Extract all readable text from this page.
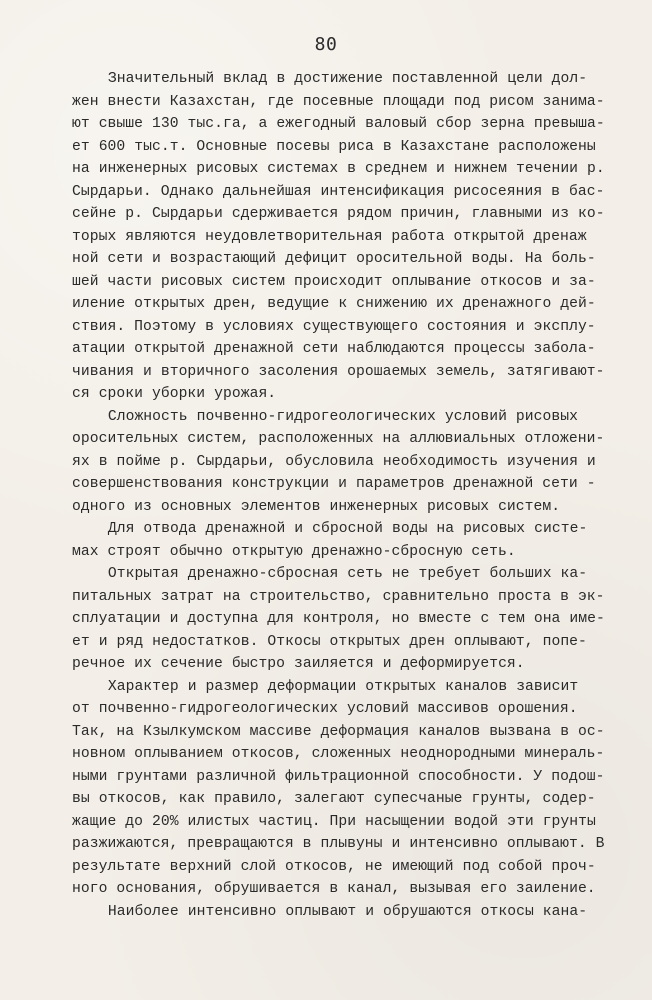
80
Значительный вклад в достижение поставленной цели дол-
жен внести Казахстан, где посевные площади под рисом занима-
ют свыше 130 тыс.га, а ежегодный валовый сбор зерна превыша-
ет 600 тыс.т. Основные посевы риса в Казахстане расположены
на инженерных рисовых системах в среднем и нижнем течении р.
Сырдарьи. Однако дальнейшая интенсификация рисосеяния в бас-
сейне р. Сырдарьи сдерживается рядом причин, главными из ко-
торых являются неудовлетворительная работа открытой дренаж
ной сети и возрастающий дефицит оросительной воды. На боль-
шей части рисовых систем происходит оплывание откосов и за-
иление открытых дрен, ведущие к снижению их дренажного дей-
ствия. Поэтому в условиях существующего состояния и эксплу-
атации открытой дренажной сети наблюдаются процессы забола-
чивания и вторичного засоления орошаемых земель, затягивают-
ся сроки уборки урожая.
Сложность почвенно-гидрогеологических условий рисовых
оросительных систем, расположенных на аллювиальных отложени-
ях в пойме р. Сырдарьи, обусловила необходимость изучения и
совершенствования конструкции и параметров дренажной сети -
одного из основных элементов инженерных рисовых систем.
Для отвода дренажной и сбросной воды на рисовых систе-
мах строят обычно открытую дренажно-сбросную сеть.
Открытая дренажно-сбросная сеть не требует больших ка-
питальных затрат на строительство, сравнительно проста в эк-
сплуатации и доступна для контроля, но вместе с тем она име-
ет и ряд недостатков. Откосы открытых дрен оплывают, попе-
речное их сечение быстро заиляется и деформируется.
Характер и размер деформации открытых каналов зависит
от почвенно-гидрогеологических условий массивов орошения.
Так, на Кзылкумском массиве деформация каналов вызвана в ос-
новном оплыванием откосов, сложенных неоднородными минераль-
ными грунтами различной фильтрационной способности. У подош-
вы откосов, как правило, залегают супесчаные грунты, содер-
жащие до 20% илистых частиц. При насыщении водой эти грунты
разжижаются, превращаются в плывуны и интенсивно оплывают. В
результате верхний слой откосов, не имеющий под собой проч-
ного основания, обрушивается в канал, вызывая его заиление.
Наиболее интенсивно оплывают и обрушаются откосы кана-
